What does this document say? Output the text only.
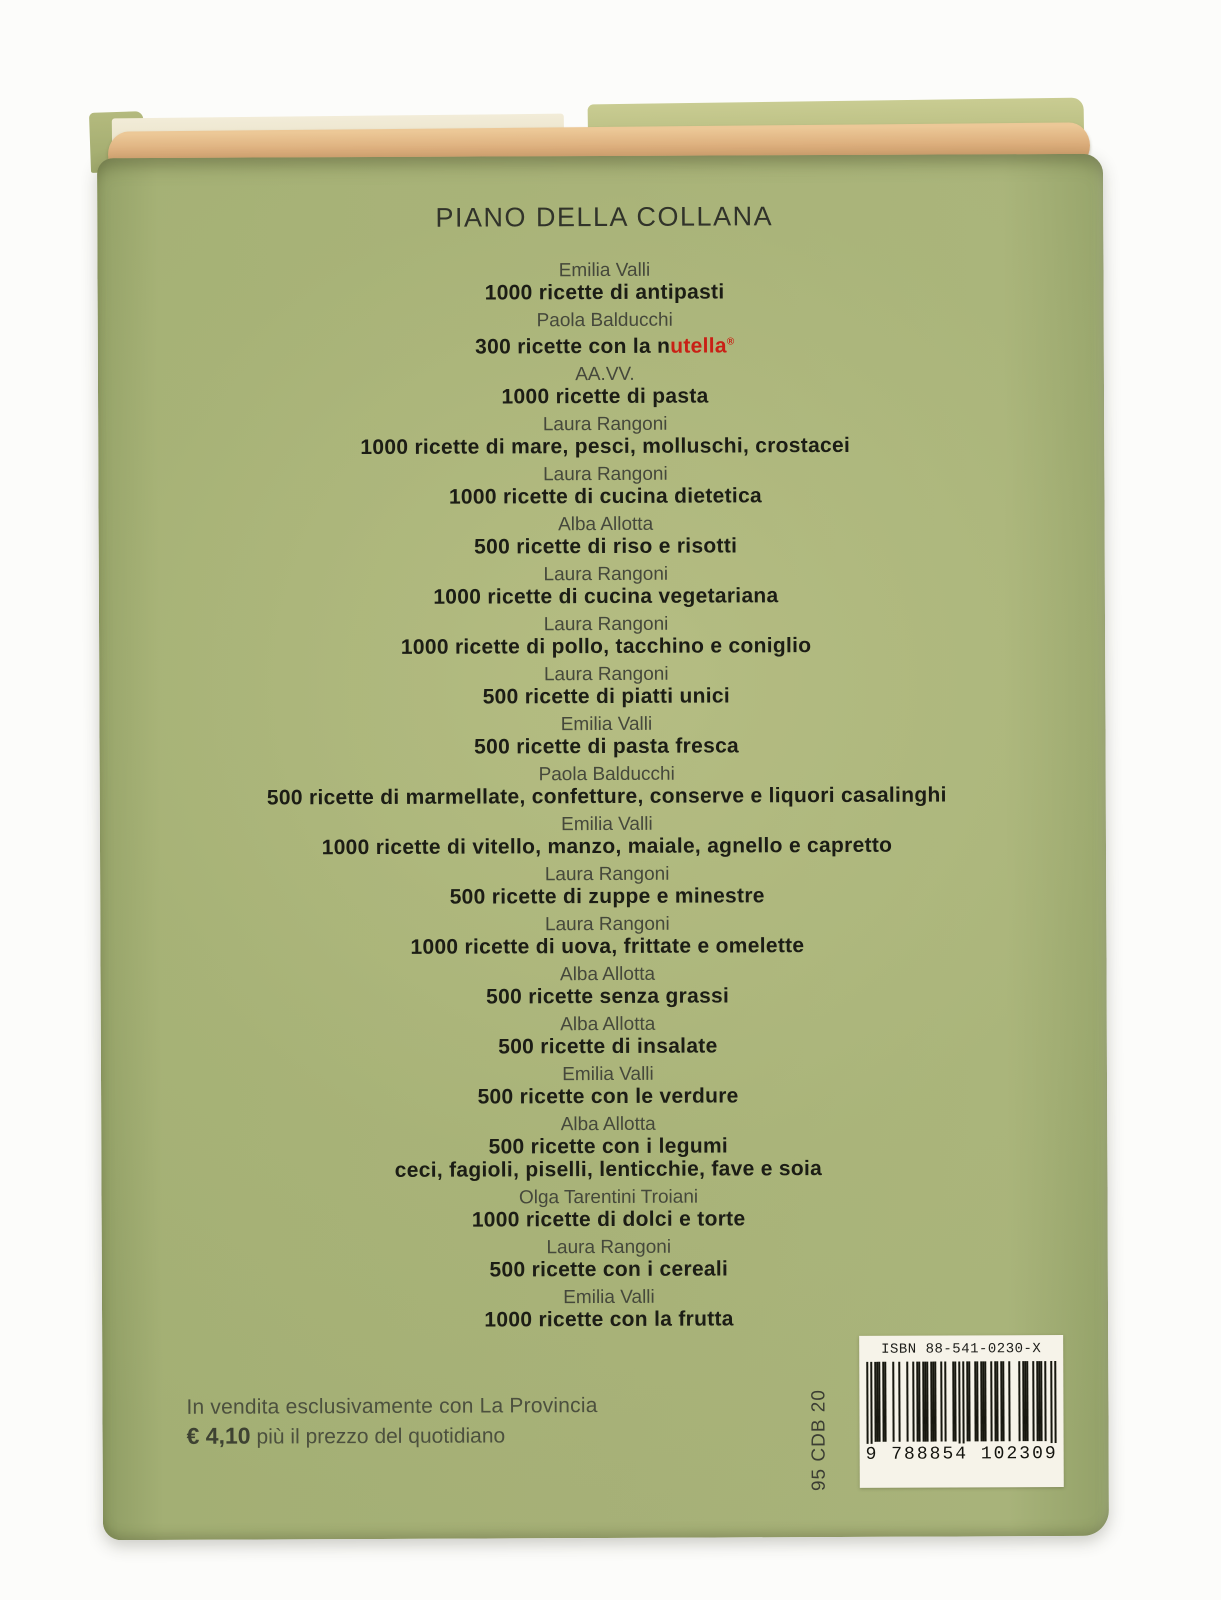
PIANO DELLA COLLANA
Emilia Valli
1000 ricette di antipasti
Paola Balducchi
300 ricette con la nutella®
AA.VV.
1000 ricette di pasta
Laura Rangoni
1000 ricette di mare, pesci, molluschi, crostacei
Laura Rangoni
1000 ricette di cucina dietetica
Alba Allotta
500 ricette di riso e risotti
Laura Rangoni
1000 ricette di cucina vegetariana
Laura Rangoni
1000 ricette di pollo, tacchino e coniglio
Laura Rangoni
500 ricette di piatti unici
Emilia Valli
500 ricette di pasta fresca
Paola Balducchi
500 ricette di marmellate, confetture, conserve e liquori casalinghi
Emilia Valli
1000 ricette di vitello, manzo, maiale, agnello e capretto
Laura Rangoni
500 ricette di zuppe e minestre
Laura Rangoni
1000 ricette di uova, frittate e omelette
Alba Allotta
500 ricette senza grassi
Alba Allotta
500 ricette di insalate
Emilia Valli
500 ricette con le verdure
Alba Allotta
500 ricette con i legumi
ceci, fagioli, piselli, lenticchie, fave e soia
Olga Tarentini Troiani
1000 ricette di dolci e torte
Laura Rangoni
500 ricette con i cereali
Emilia Valli
1000 ricette con la frutta
In vendita esclusivamente con La Provincia
€ 4,10 più il prezzo del quotidiano	95 CDB 20
ISBN 88-541-0230-X
9 788854 102309
